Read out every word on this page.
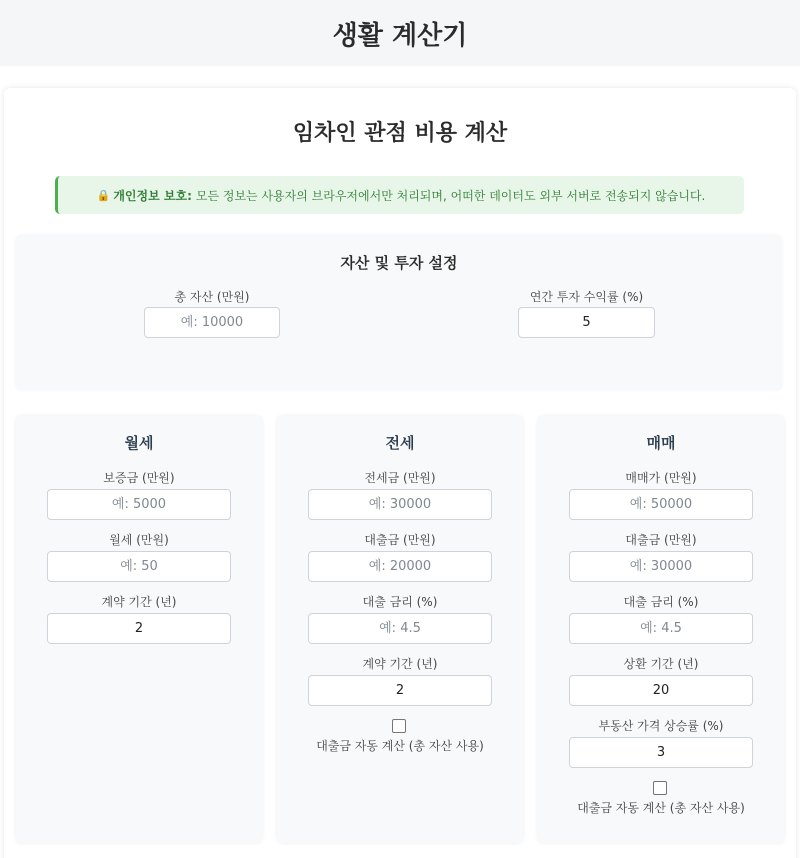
생활 계산기
임차인 관점 비용 계산
🔒 개인정보 보호: 모든 정보는 사용자의 브라우저에서만 처리되며, 어떠한 데이터도 외부 서버로 전송되지 않습니다.
자산 및 투자 설정
총 자산 (만원)
예: 10000	연간 투자 수익률 (%)
5
월세
보증금 (만원)
예: 5000
월세 (만원)
예: 50
계약 기간 (년)
2
전세
전세금 (만원)
예: 30000
대출금 (만원)
예: 20000
대출 금리 (%)
예: 4.5
계약 기간 (년)
2
대출금 자동 계산 (총 자산 사용)
매매
매매가 (만원)
예: 50000
대출금 (만원)
예: 30000
대출 금리 (%)
예: 4.5
상환 기간 (년)
20
부동산 가격 상승률 (%)
3
대출금 자동 계산 (총 자산 사용)
